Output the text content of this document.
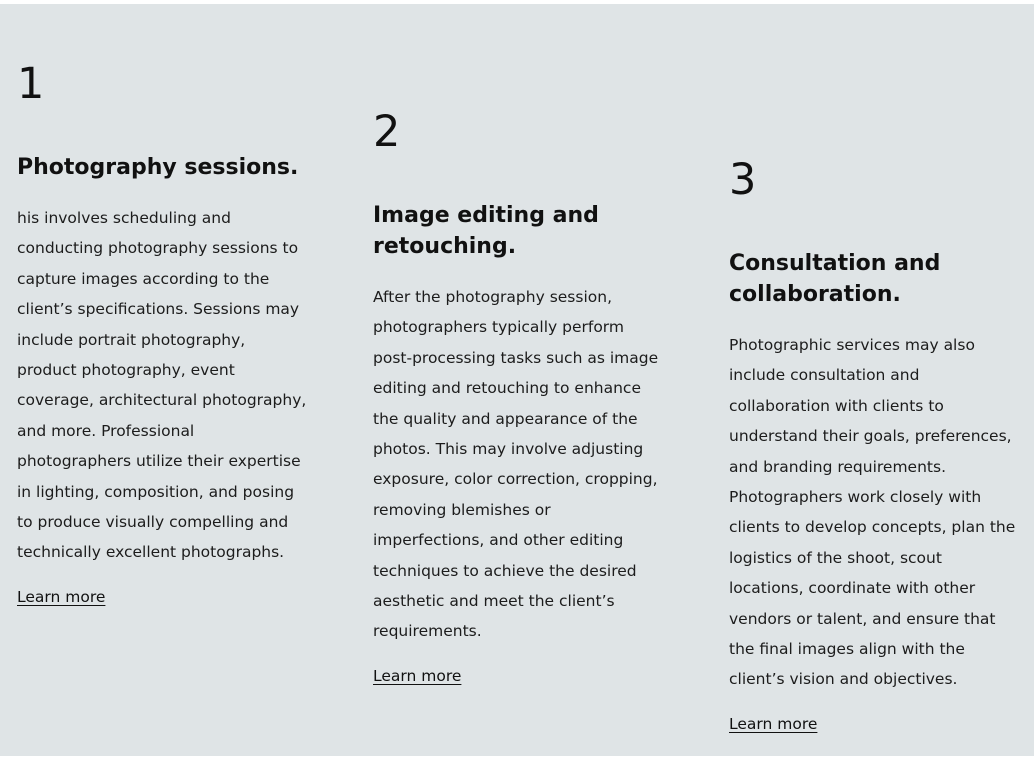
1
Photography sessions.
his involves scheduling and conducting photography sessions to capture images according to the client’s specifications. Sessions may include portrait photography, product photography, event coverage, architectural photography, and more. Professional photographers utilize their expertise in lighting, composition, and posing to produce visually compelling and technically excellent photographs.
Learn more
2
Image editing and retouching.
After the photography session, photographers typically perform post-processing tasks such as image editing and retouching to enhance the quality and appearance of the photos. This may involve adjusting exposure, color correction, cropping, removing blemishes or imperfections, and other editing techniques to achieve the desired aesthetic and meet the client’s requirements.
Learn more
3
Consultation and collaboration.
Photographic services may also include consultation and collaboration with clients to understand their goals, preferences, and branding requirements. Photographers work closely with clients to develop concepts, plan the logistics of the shoot, scout locations, coordinate with other vendors or talent, and ensure that the final images align with the client’s vision and objectives.
Learn more
